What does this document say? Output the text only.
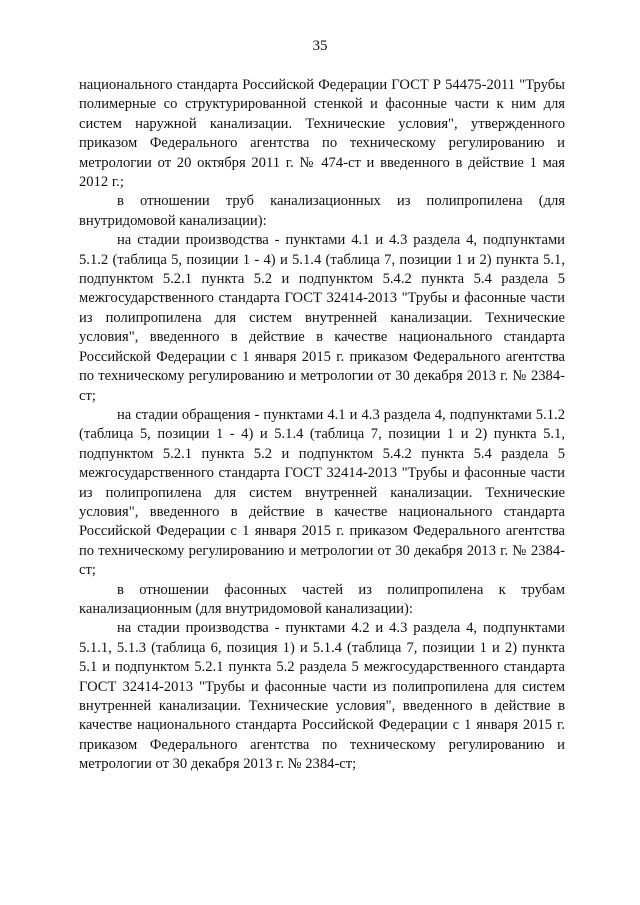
35

национального стандарта Российской Федерации ГОСТ Р 54475-2011 "Трубы полимерные со структурированной стенкой и фасонные части к ним для систем наружной канализации. Технические условия", утвержденного приказом Федерального агентства по техническому регулированию и метрологии от 20 октября 2011 г. № 474-ст и введенного в действие 1 мая 2012 г.;

в отношении труб канализационных из полипропилена (для внутридомовой канализации):

на стадии производства - пунктами 4.1 и 4.3 раздела 4, подпунктами 5.1.2 (таблица 5, позиции 1 - 4) и 5.1.4 (таблица 7, позиции 1 и 2) пункта 5.1, подпунктом 5.2.1 пункта 5.2 и подпунктом 5.4.2 пункта 5.4 раздела 5 межгосударственного стандарта ГОСТ 32414-2013 "Трубы и фасонные части из полипропилена для систем внутренней канализации. Технические условия", введенного в действие в качестве национального стандарта Российской Федерации с 1 января 2015 г. приказом Федерального агентства по техническому регулированию и метрологии от 30 декабря 2013 г. № 2384-ст;

на стадии обращения - пунктами 4.1 и 4.3 раздела 4, подпунктами 5.1.2 (таблица 5, позиции 1 - 4) и 5.1.4 (таблица 7, позиции 1 и 2) пункта 5.1, подпунктом 5.2.1 пункта 5.2 и подпунктом 5.4.2 пункта 5.4 раздела 5 межгосударственного стандарта ГОСТ 32414-2013 "Трубы и фасонные части из полипропилена для систем внутренней канализации. Технические условия", введенного в действие в качестве национального стандарта Российской Федерации с 1 января 2015 г. приказом Федерального агентства по техническому регулированию и метрологии от 30 декабря 2013 г. № 2384-ст;

в отношении фасонных частей из полипропилена к трубам канализационным (для внутридомовой канализации):

на стадии производства - пунктами 4.2 и 4.3 раздела 4, подпунктами 5.1.1, 5.1.3 (таблица 6, позиция 1) и 5.1.4 (таблица 7, позиции 1 и 2) пункта 5.1 и подпунктом 5.2.1 пункта 5.2 раздела 5 межгосударственного стандарта ГОСТ 32414-2013 "Трубы и фасонные части из полипропилена для систем внутренней канализации. Технические условия", введенного в действие в качестве национального стандарта Российской Федерации с 1 января 2015 г. приказом Федерального агентства по техническому регулированию и метрологии от 30 декабря 2013 г. № 2384-ст;
